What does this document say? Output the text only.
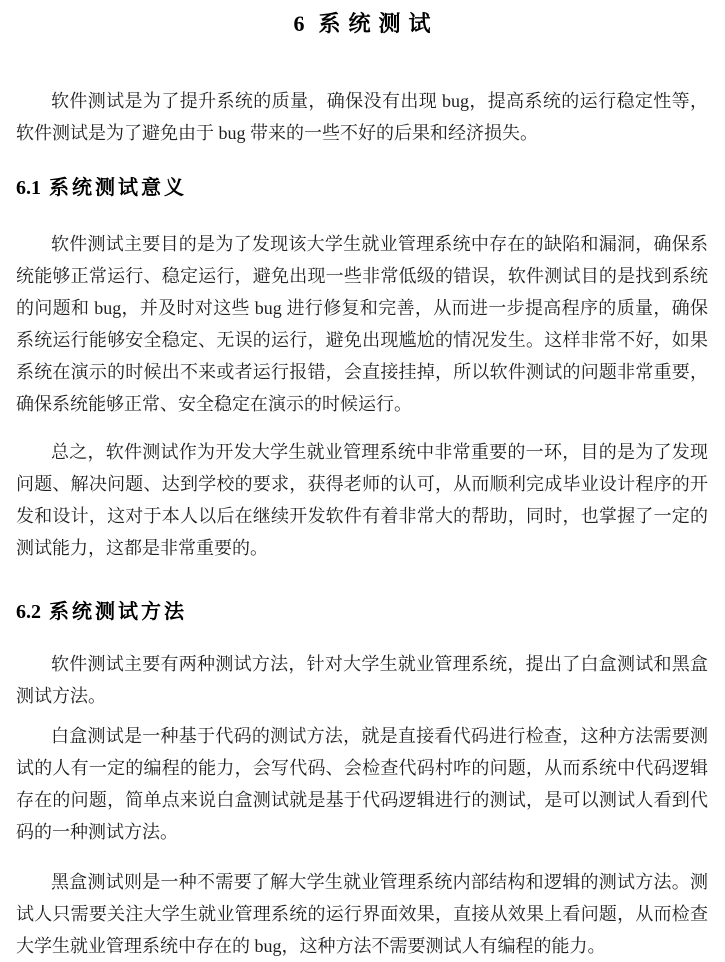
6 系统测试

软件测试是为了提升系统的质量，确保没有出现 bug，提高系统的运行稳定性等，软件测试是为了避免由于 bug 带来的一些不好的后果和经济损失。

6.1 系统测试意义

软件测试主要目的是为了发现该大学生就业管理系统中存在的缺陷和漏洞，确保系统能够正常运行、稳定运行，避免出现一些非常低级的错误，软件测试目的是找到系统的问题和 bug，并及时对这些 bug 进行修复和完善，从而进一步提高程序的质量，确保系统运行能够安全稳定、无误的运行，避免出现尴尬的情况发生。这样非常不好，如果系统在演示的时候出不来或者运行报错，会直接挂掉，所以软件测试的问题非常重要，确保系统能够正常、安全稳定在演示的时候运行。

总之，软件测试作为开发大学生就业管理系统中非常重要的一环，目的是为了发现问题、解决问题、达到学校的要求，获得老师的认可，从而顺利完成毕业设计程序的开发和设计，这对于本人以后在继续开发软件有着非常大的帮助，同时，也掌握了一定的测试能力，这都是非常重要的。

6.2 系统测试方法

软件测试主要有两种测试方法，针对大学生就业管理系统，提出了白盒测试和黑盒测试方法。

白盒测试是一种基于代码的测试方法，就是直接看代码进行检查，这种方法需要测试的人有一定的编程的能力，会写代码、会检查代码村咋的问题，从而系统中代码逻辑存在的问题，简单点来说白盒测试就是基于代码逻辑进行的测试，是可以测试人看到代码的一种测试方法。

黑盒测试则是一种不需要了解大学生就业管理系统内部结构和逻辑的测试方法。测试人只需要关注大学生就业管理系统的运行界面效果，直接从效果上看问题，从而检查大学生就业管理系统中存在的 bug，这种方法不需要测试人有编程的能力。
